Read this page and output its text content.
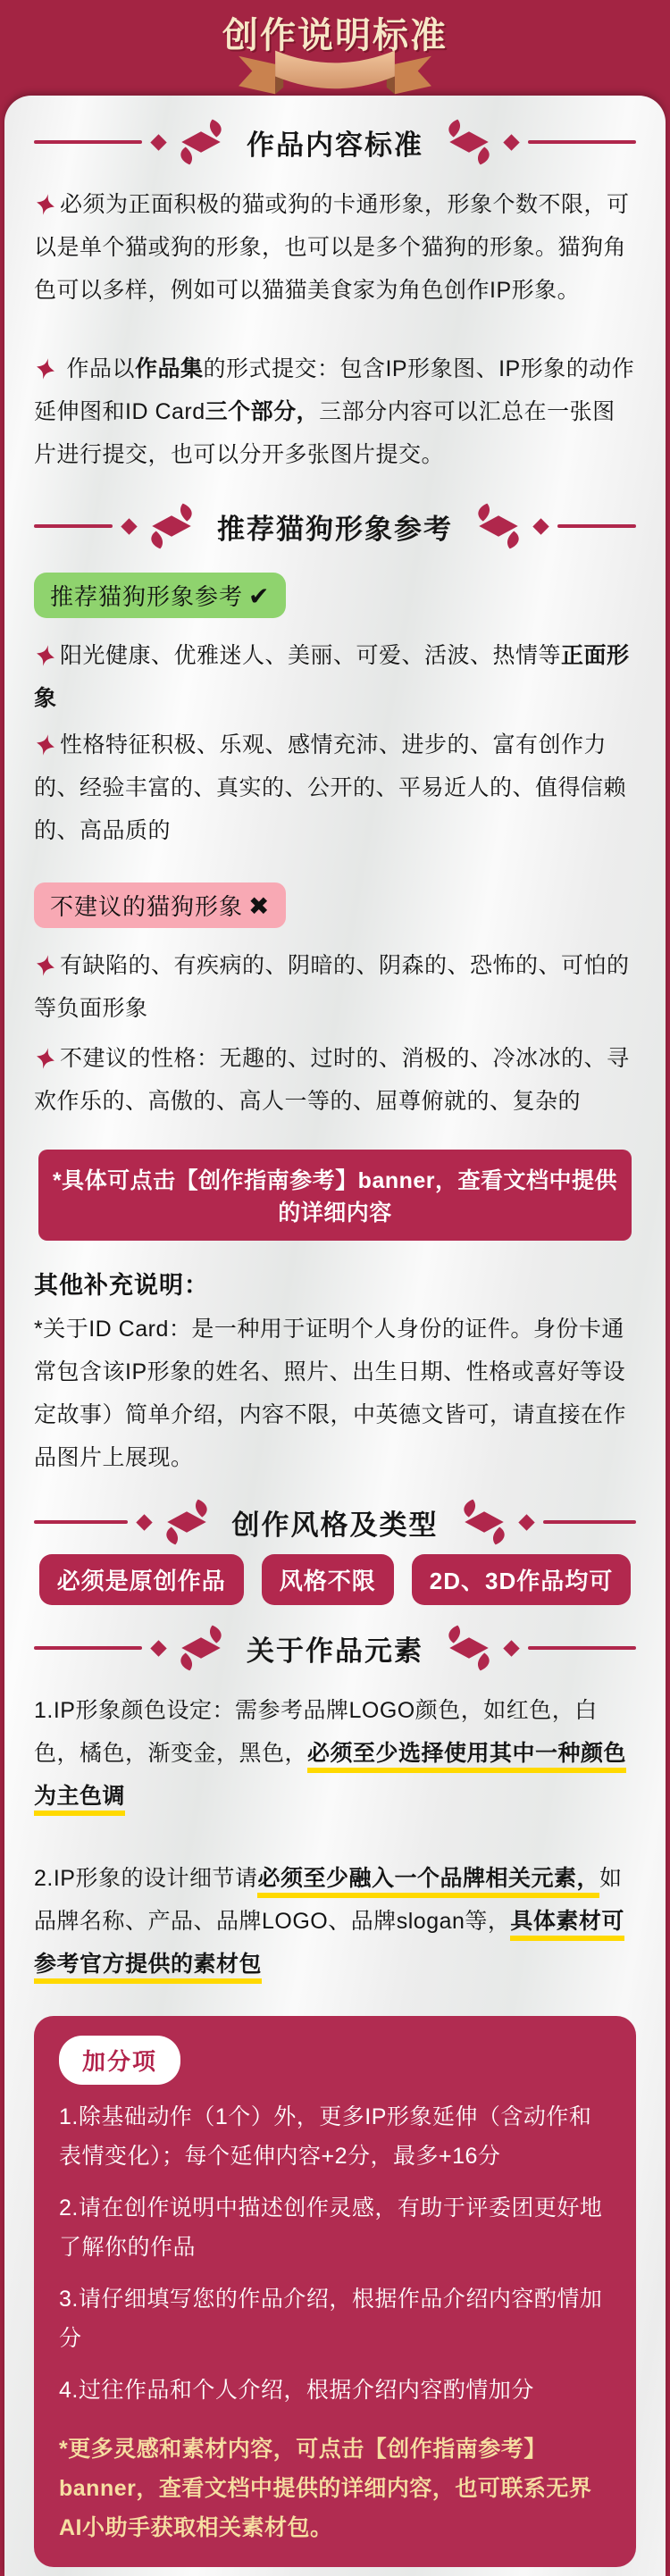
创作说明标准
作品内容标准
必须为正面积极的猫或狗的卡通形象，形象个数不限，可以是单个猫或狗的形象，也可以是多个猫狗的形象。猫狗角色可以多样，例如可以猫猫美食家为角色创作IP形象。
作品以作品集的形式提交：包含IP形象图、IP形象的动作延伸图和ID Card三个部分，三部分内容可以汇总在一张图片进行提交，也可以分开多张图片提交。
推荐猫狗形象参考
推荐猫狗形象参考 ✔
阳光健康、优雅迷人、美丽、可爱、活波、热情等正面形象
性格特征积极、乐观、感情充沛、进步的、富有创作力的、经验丰富的、真实的、公开的、平易近人的、值得信赖的、高品质的
不建议的猫狗形象 ✖
有缺陷的、有疾病的、阴暗的、阴森的、恐怖的、可怕的等负面形象
不建议的性格：无趣的、过时的、消极的、冷冰冰的、寻欢作乐的、高傲的、高人一等的、屈尊俯就的、复杂的
*具体可点击【创作指南参考】banner，查看文档中提供的详细内容
其他补充说明：
*关于ID Card：是一种用于证明个人身份的证件。身份卡通常包含该IP形象的姓名、照片、出生日期、性格或喜好等设定故事）简单介绍，内容不限，中英德文皆可，请直接在作品图片上展现。
创作风格及类型
必须是原创作品	风格不限	2D、3D作品均可
关于作品元素
1.IP形象颜色设定：需参考品牌LOGO颜色，如红色，白色，橘色，渐变金，黑色，必须至少选择使用其中一种颜色为主色调
2.IP形象的设计细节请必须至少融入一个品牌相关元素，如品牌名称、产品、品牌LOGO、品牌slogan等，具体素材可参考官方提供的素材包
加分项
1.除基础动作（1个）外，更多IP形象延伸（含动作和表情变化）；每个延伸内容+2分，最多+16分
2.请在创作说明中描述创作灵感，有助于评委团更好地了解你的作品
3.请仔细填写您的作品介绍，根据作品介绍内容酌情加分
4.过往作品和个人介绍，根据介绍内容酌情加分
*更多灵感和素材内容，可点击【创作指南参考】banner，查看文档中提供的详细内容，也可联系无界AI小助手获取相关素材包。
